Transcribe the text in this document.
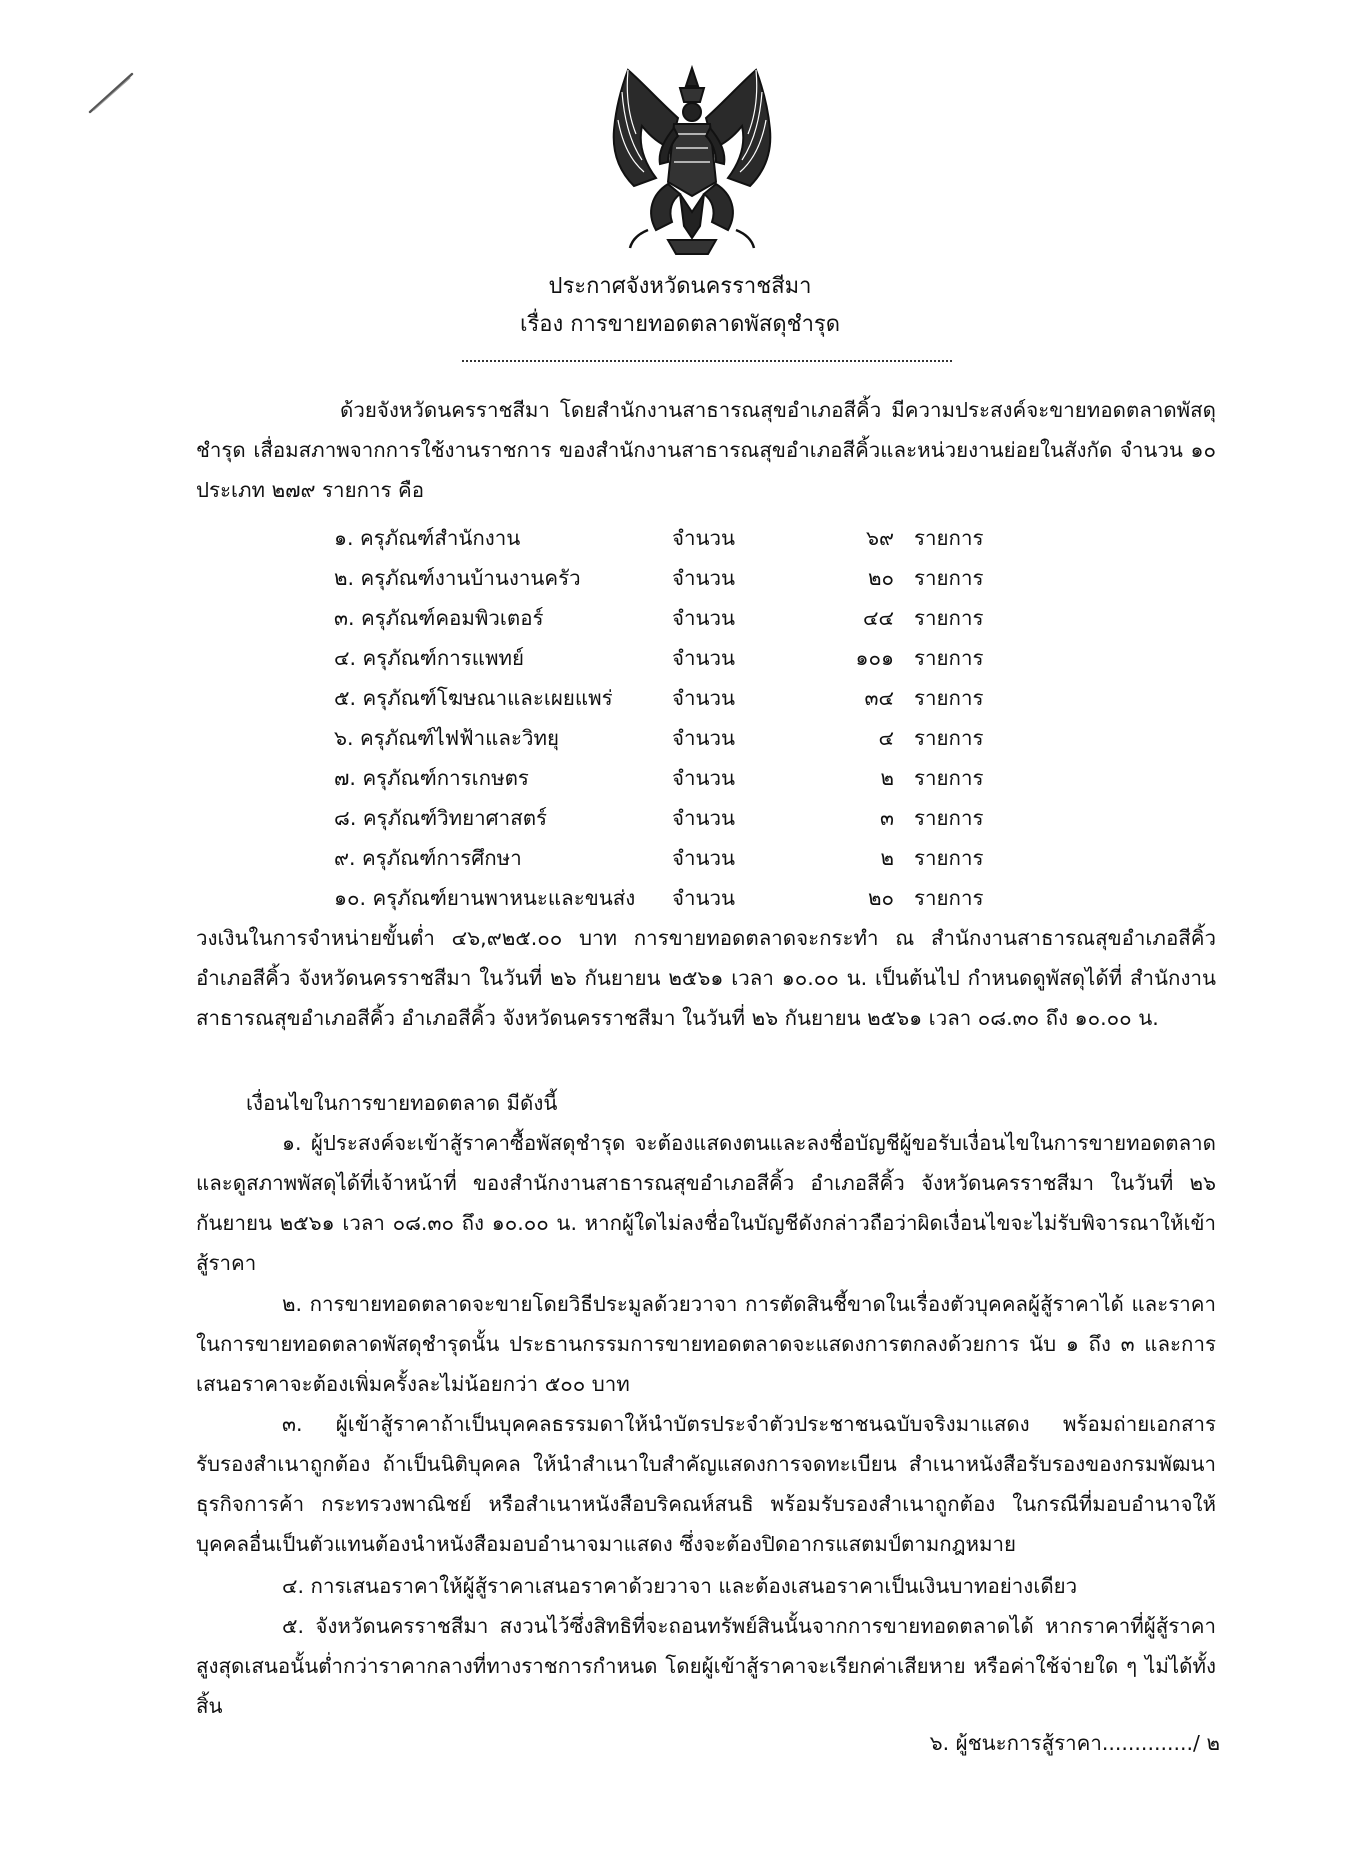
ประกาศจังหวัดนครราชสีมา
เรื่อง การขายทอดตลาดพัสดุชำรุด
ด้วยจังหวัดนครราชสีมา โดยสำนักงานสาธารณสุขอำเภอสีคิ้ว มีความประสงค์จะขายทอดตลาดพัสดุชำรุด เสื่อมสภาพจากการใช้งานราชการ ของสำนักงานสาธารณสุขอำเภอสีคิ้วและหน่วยงานย่อยในสังกัด จำนวน ๑๐ ประเภท ๒๗๙ รายการ คือ
๑. ครุภัณฑ์สำนักงาน	จำนวน	๖๙ รายการ
๒. ครุภัณฑ์งานบ้านงานครัว	จำนวน	๒๐ รายการ
๓. ครุภัณฑ์คอมพิวเตอร์	จำนวน	๔๔ รายการ
๔. ครุภัณฑ์การแพทย์	จำนวน	๑๐๑ รายการ
๕. ครุภัณฑ์โฆษณาและเผยแพร่	จำนวน	๓๔ รายการ
๖. ครุภัณฑ์ไฟฟ้าและวิทยุ	จำนวน	๔ รายการ
๗. ครุภัณฑ์การเกษตร	จำนวน	๒ รายการ
๘. ครุภัณฑ์วิทยาศาสตร์	จำนวน	๓ รายการ
๙. ครุภัณฑ์การศึกษา	จำนวน	๒ รายการ
๑๐. ครุภัณฑ์ยานพาหนะและขนส่ง จำนวน	๒๐ รายการ
วงเงินในการจำหน่ายขั้นต่ำ ๔๖,๙๒๕.๐๐ บาท การขายทอดตลาดจะกระทำ ณ สำนักงานสาธารณสุขอำเภอสีคิ้ว อำเภอสีคิ้ว จังหวัดนครราชสีมา ในวันที่ ๒๖ กันยายน ๒๕๖๑ เวลา ๑๐.๐๐ น. เป็นต้นไป กำหนดดูพัสดุได้ที่ สำนักงานสาธารณสุขอำเภอสีคิ้ว อำเภอสีคิ้ว จังหวัดนครราชสีมา ในวันที่ ๒๖ กันยายน ๒๕๖๑ เวลา ๐๘.๓๐ ถึง ๑๐.๐๐ น.
เงื่อนไขในการขายทอดตลาด มีดังนี้
๑. ผู้ประสงค์จะเข้าสู้ราคาซื้อพัสดุชำรุด จะต้องแสดงตนและลงชื่อบัญชีผู้ขอรับเงื่อนไขในการขายทอดตลาดและดูสภาพพัสดุได้ที่เจ้าหน้าที่ ของสำนักงานสาธารณสุขอำเภอสีคิ้ว อำเภอสีคิ้ว จังหวัดนครราชสีมา ในวันที่ ๒๖ กันยายน ๒๕๖๑ เวลา ๐๘.๓๐ ถึง ๑๐.๐๐ น. หากผู้ใดไม่ลงชื่อในบัญชีดังกล่าวถือว่าผิดเงื่อนไขจะไม่รับพิจารณาให้เข้าสู้ราคา
๒. การขายทอดตลาดจะขายโดยวิธีประมูลด้วยวาจา การตัดสินชี้ขาดในเรื่องตัวบุคคลผู้สู้ราคาได้ และราคาในการขายทอดตลาดพัสดุชำรุดนั้น ประธานกรรมการขายทอดตลาดจะแสดงการตกลงด้วยการ นับ ๑ ถึง ๓ และการเสนอราคาจะต้องเพิ่มครั้งละไม่น้อยกว่า ๕๐๐ บาท
๓. ผู้เข้าสู้ราคาถ้าเป็นบุคคลธรรมดาให้นำบัตรประจำตัวประชาชนฉบับจริงมาแสดง พร้อมถ่ายเอกสารรับรองสำเนาถูกต้อง ถ้าเป็นนิติบุคคล ให้นำสำเนาใบสำคัญแสดงการจดทะเบียน สำเนาหนังสือรับรองของกรมพัฒนาธุรกิจการค้า กระทรวงพาณิชย์ หรือสำเนาหนังสือบริคณห์สนธิ พร้อมรับรองสำเนาถูกต้อง ในกรณีที่มอบอำนาจให้บุคคลอื่นเป็นตัวแทนต้องนำหนังสือมอบอำนาจมาแสดง ซึ่งจะต้องปิดอากรแสตมป์ตามกฎหมาย
๔. การเสนอราคาให้ผู้สู้ราคาเสนอราคาด้วยวาจา และต้องเสนอราคาเป็นเงินบาทอย่างเดียว
๕. จังหวัดนครราชสีมา สงวนไว้ซึ่งสิทธิที่จะถอนทรัพย์สินนั้นจากการขายทอดตลาดได้ หากราคาที่ผู้สู้ราคาสูงสุดเสนอนั้นต่ำกว่าราคากลางที่ทางราชการกำหนด โดยผู้เข้าสู้ราคาจะเรียกค่าเสียหาย หรือค่าใช้จ่ายใด ๆ ไม่ได้ทั้งสิ้น
๖. ผู้ชนะการสู้ราคา............../ ๒
